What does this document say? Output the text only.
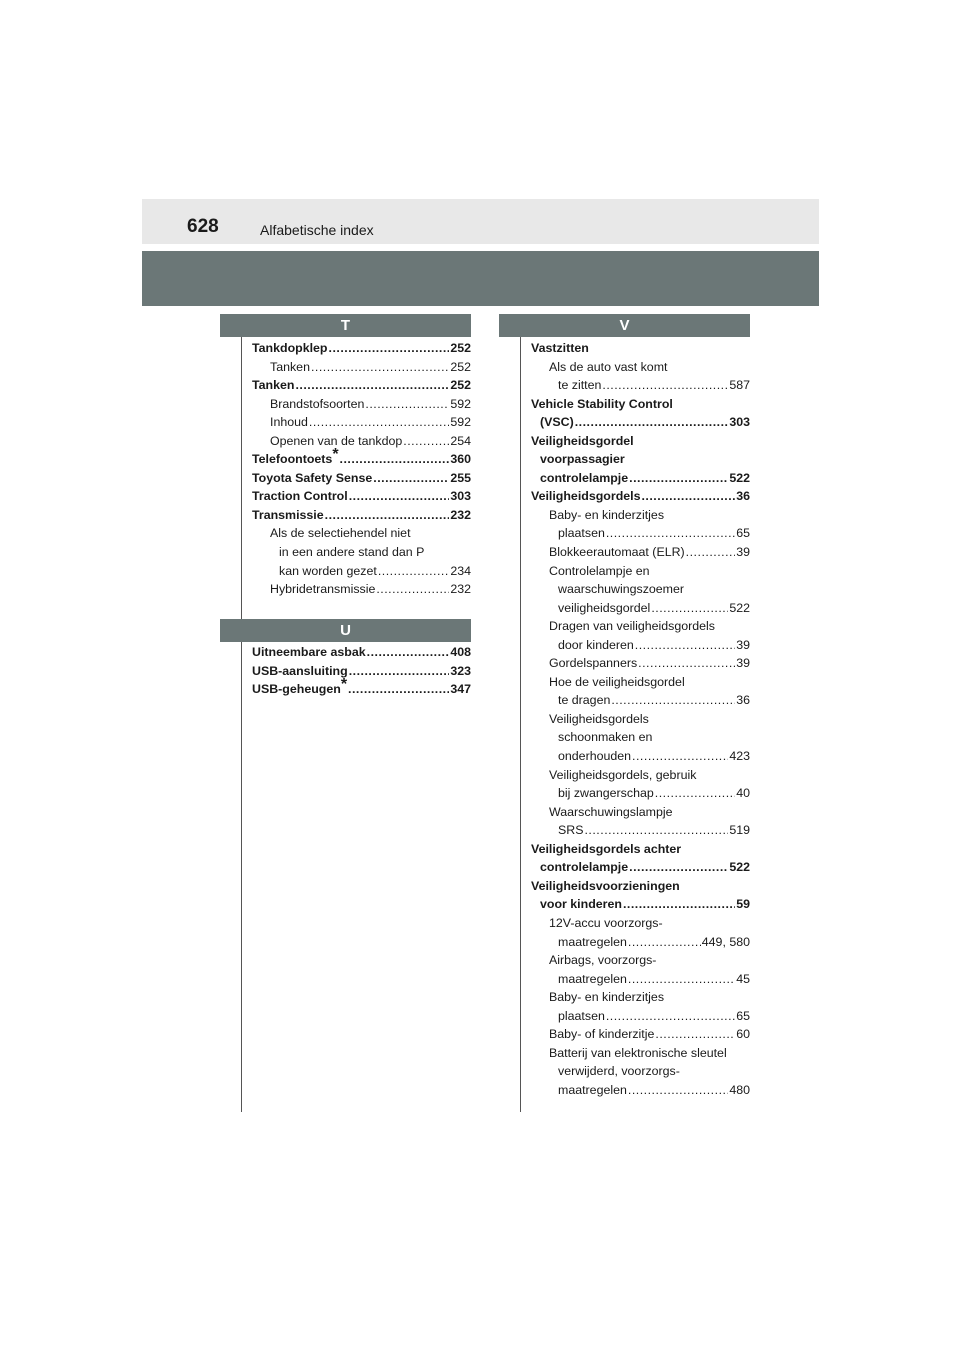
628	Alfabetische index
T
U
V
Tankdopklep .....	252
Tanken .....	252
Tanken .....	252
Brandstofsoorten .....	592
Inhoud .....	592
Openen van de tankdop .....	254
Telefoontoets* .....	360
Toyota Safety Sense .....	255
Traction Control .....	303
Transmissie .....	232
Als de selectiehendel niet
in een andere stand dan P
kan worden gezet .....	234
Hybridetransmissie .....	232
Uitneembare asbak .....	408
USB-aansluiting .....	323
USB-geheugen* .....	347
Vastzitten
Als de auto vast komt
te zitten .....	587
Vehicle Stability Control
(VSC) .....	303
Veiligheidsgordel
voorpassagier
controlelampje .....	522
Veiligheidsgordels .....	36
Baby- en kinderzitjes
plaatsen .....	65
Blokkeerautomaat (ELR) .....	39
Controlelampje en
waarschuwingszoemer
veiligheidsgordel .....	522
Dragen van veiligheidsgordels
door kinderen .....	39
Gordelspanners .....	39
Hoe de veiligheidsgordel
te dragen .....	36
Veiligheidsgordels
schoonmaken en
onderhouden .....	423
Veiligheidsgordels, gebruik
bij zwangerschap .....	40
Waarschuwingslampje
SRS .....	519
Veiligheidsgordels achter
controlelampje .....	522
Veiligheidsvoorzieningen
voor kinderen .....	59
12V-accu voorzorgs-
maatregelen .....	449, 580
Airbags, voorzorgs-
maatregelen .....	45
Baby- en kinderzitjes
plaatsen .....	65
Baby- of kinderzitje .....	60
Batterij van elektronische sleutel
verwijderd, voorzorgs-
maatregelen .....	480
